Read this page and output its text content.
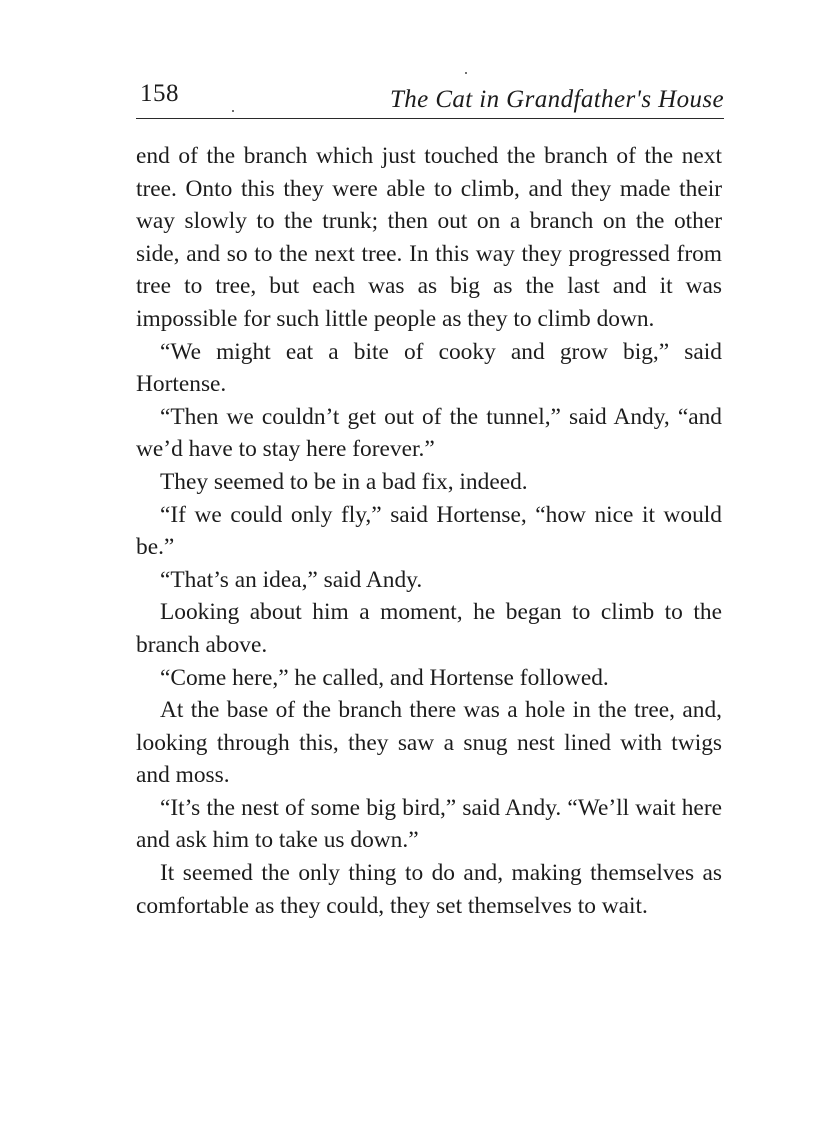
158	The Cat in Grandfather's House

end of the branch which just touched the branch of the next tree. Onto this they were able to climb, and they made their way slowly to the trunk; then out on a branch on the other side, and so to the next tree. In this way they progressed from tree to tree, but each was as big as the last and it was impossible for such little people as they to climb down.

“We might eat a bite of cooky and grow big,” said Hortense.

“Then we couldn’t get out of the tunnel,” said Andy, “and we’d have to stay here forever.”

They seemed to be in a bad fix, indeed.

“If we could only fly,” said Hortense, “how nice it would be.”

“That’s an idea,” said Andy.

Looking about him a moment, he began to climb to the branch above.

“Come here,” he called, and Hortense followed.

At the base of the branch there was a hole in the tree, and, looking through this, they saw a snug nest lined with twigs and moss.

“It’s the nest of some big bird,” said Andy. “We’ll wait here and ask him to take us down.”

It seemed the only thing to do and, making themselves as comfortable as they could, they set themselves to wait.
